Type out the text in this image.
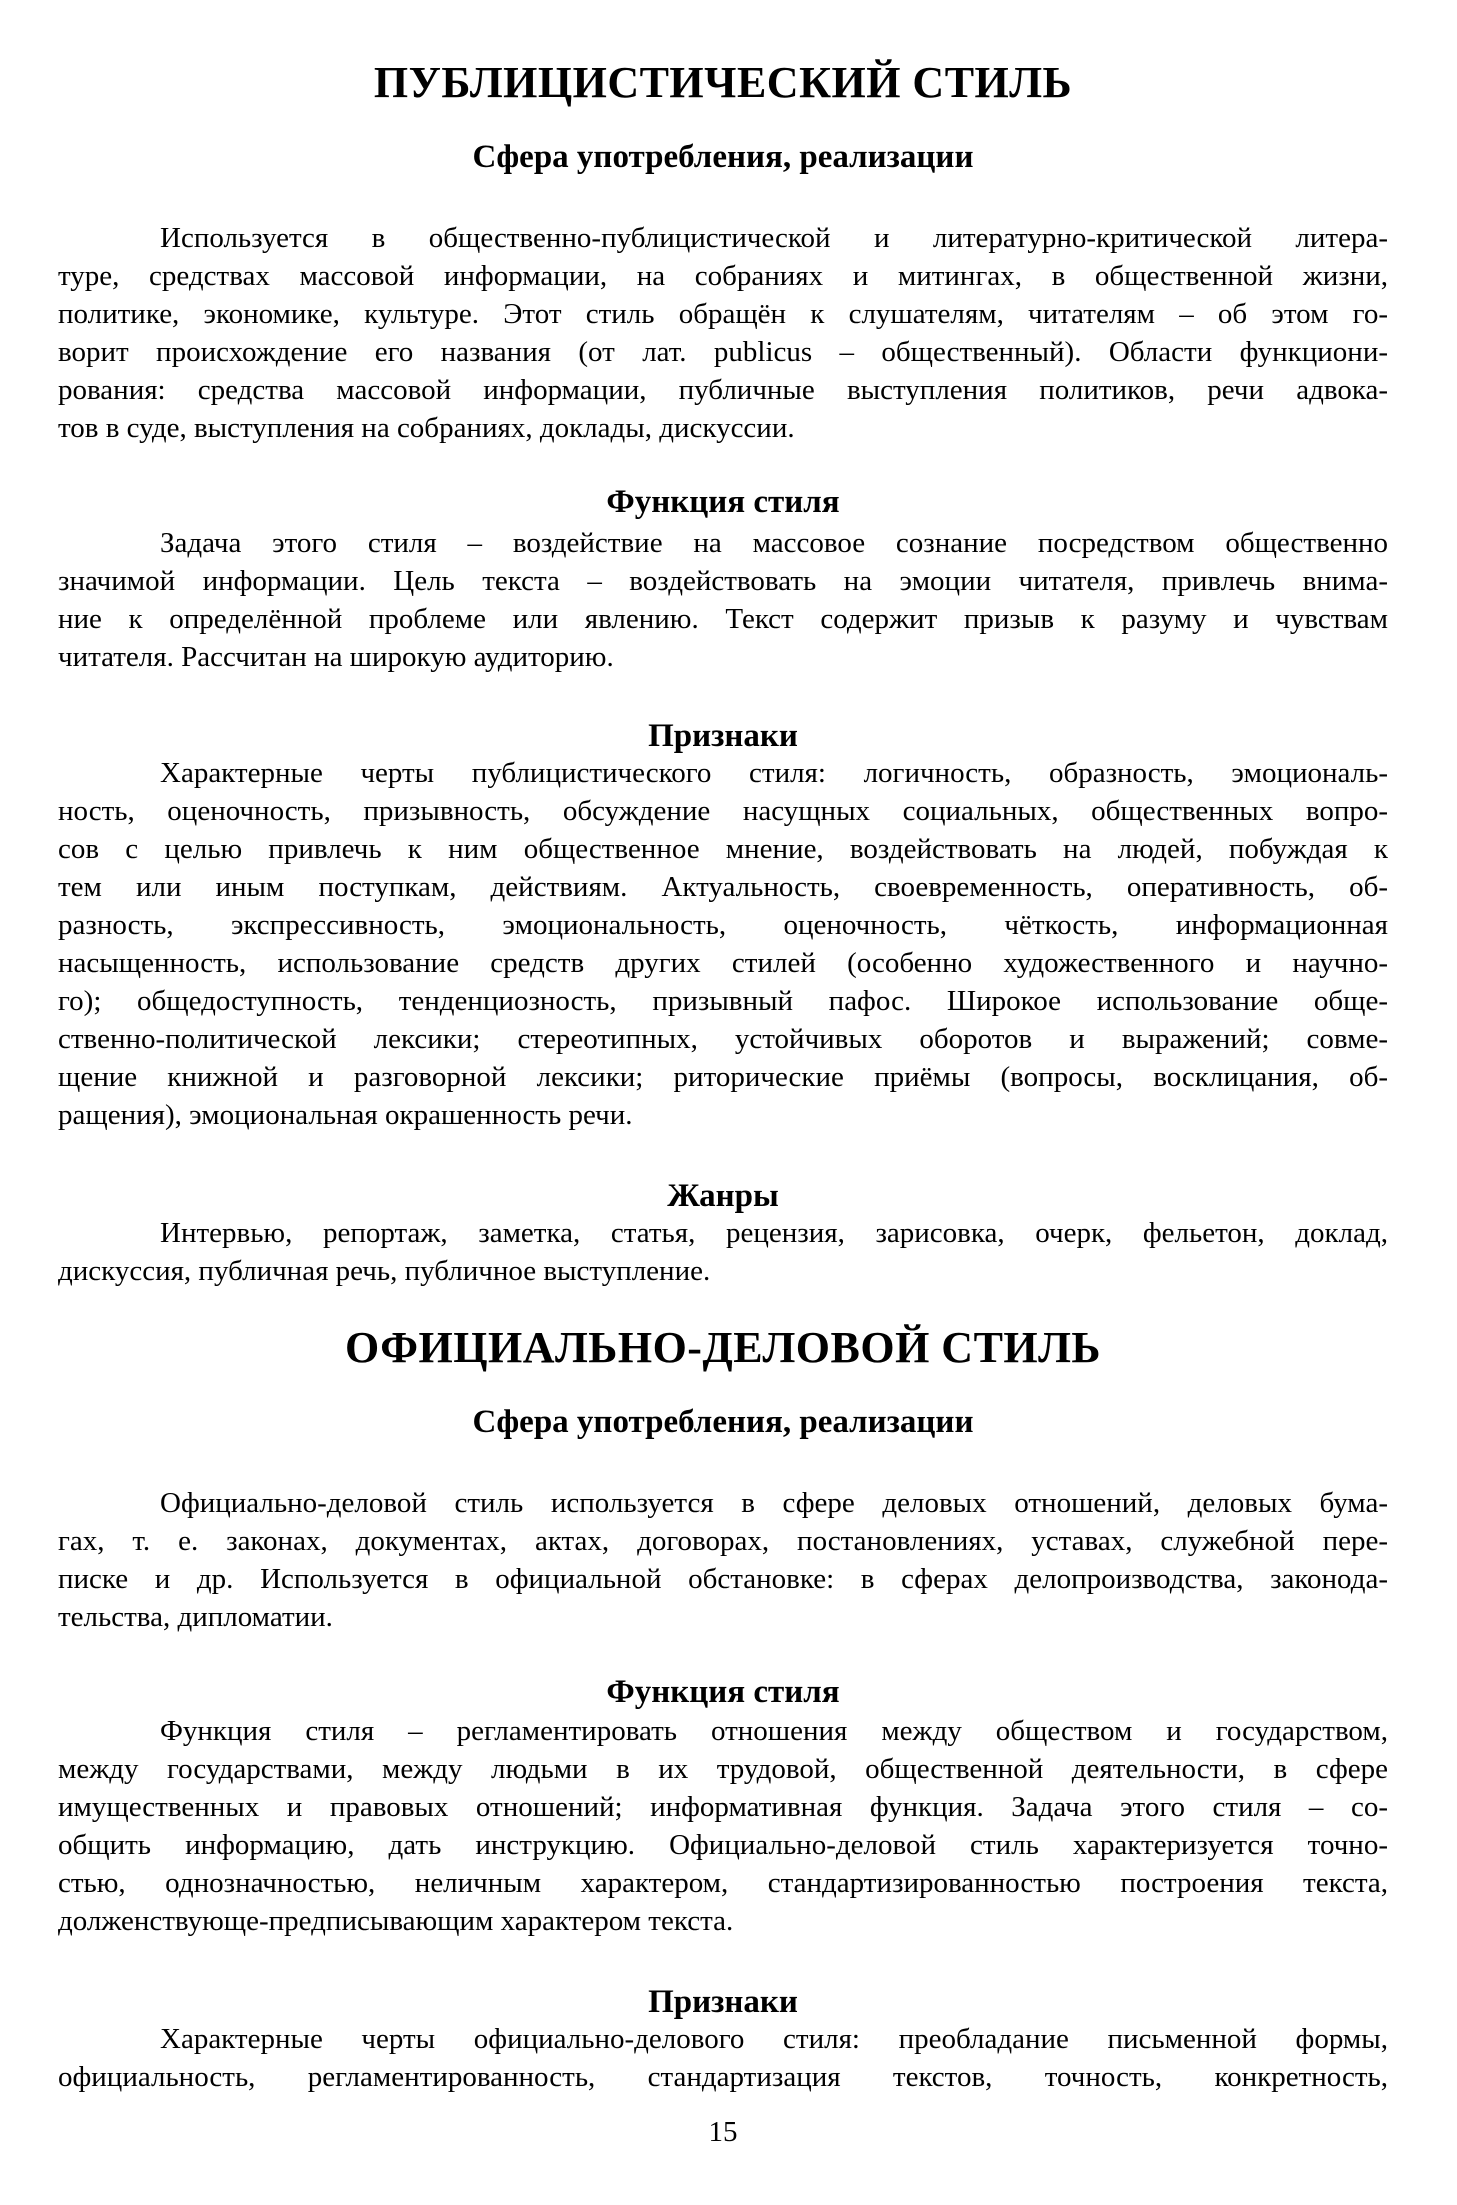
ПУБЛИЦИСТИЧЕСКИЙ СТИЛЬ
Сфера употребления, реализации
Используется в общественно-публицистической и литературно-критической литера-
туре, средствах массовой информации, на собраниях и митингах, в общественной жизни,
политике, экономике, культуре. Этот стиль обращён к слушателям, читателям – об этом го-
ворит происхождение его названия (от лат. publicus – общественный). Области функциони-
рования: средства массовой информации, публичные выступления политиков, речи адвока-
тов в суде, выступления на собраниях, доклады, дискуссии.
Функция стиля
Задача этого стиля – воздействие на массовое сознание посредством общественно
значимой информации. Цель текста – воздействовать на эмоции читателя, привлечь внима-
ние к определённой проблеме или явлению. Текст содержит призыв к разуму и чувствам
читателя. Рассчитан на широкую аудиторию.
Признаки
Характерные черты публицистического стиля: логичность, образность, эмоциональ-
ность, оценочность, призывность, обсуждение насущных социальных, общественных вопро-
сов с целью привлечь к ним общественное мнение, воздействовать на людей, побуждая к
тем или иным поступкам, действиям. Актуальность, своевременность, оперативность, об-
разность, экспрессивность, эмоциональность, оценочность, чёткость, информационная
насыщенность, использование средств других стилей (особенно художественного и научно-
го); общедоступность, тенденциозность, призывный пафос. Широкое использование обще-
ственно-политической лексики; стереотипных, устойчивых оборотов и выражений; совме-
щение книжной и разговорной лексики; риторические приёмы (вопросы, восклицания, об-
ращения), эмоциональная окрашенность речи.
Жанры
Интервью, репортаж, заметка, статья, рецензия, зарисовка, очерк, фельетон, доклад,
дискуссия, публичная речь, публичное выступление.
ОФИЦИАЛЬНО-ДЕЛОВОЙ СТИЛЬ
Сфера употребления, реализации
Официально-деловой стиль используется в сфере деловых отношений, деловых бума-
гах, т. е. законах, документах, актах, договорах, постановлениях, уставах, служебной пере-
писке и др. Используется в официальной обстановке: в сферах делопроизводства, законода-
тельства, дипломатии.
Функция стиля
Функция стиля – регламентировать отношения между обществом и государством,
между государствами, между людьми в их трудовой, общественной деятельности, в сфере
имущественных и правовых отношений; информативная функция. Задача этого стиля – со-
общить информацию, дать инструкцию. Официально-деловой стиль характеризуется точно-
стью, однозначностью, неличным характером, стандартизированностью построения текста,
долженствующе-предписывающим характером текста.
Признаки
Характерные черты официально-делового стиля: преобладание письменной формы,
официальность, регламентированность, стандартизация текстов, точность, конкретность,
15
